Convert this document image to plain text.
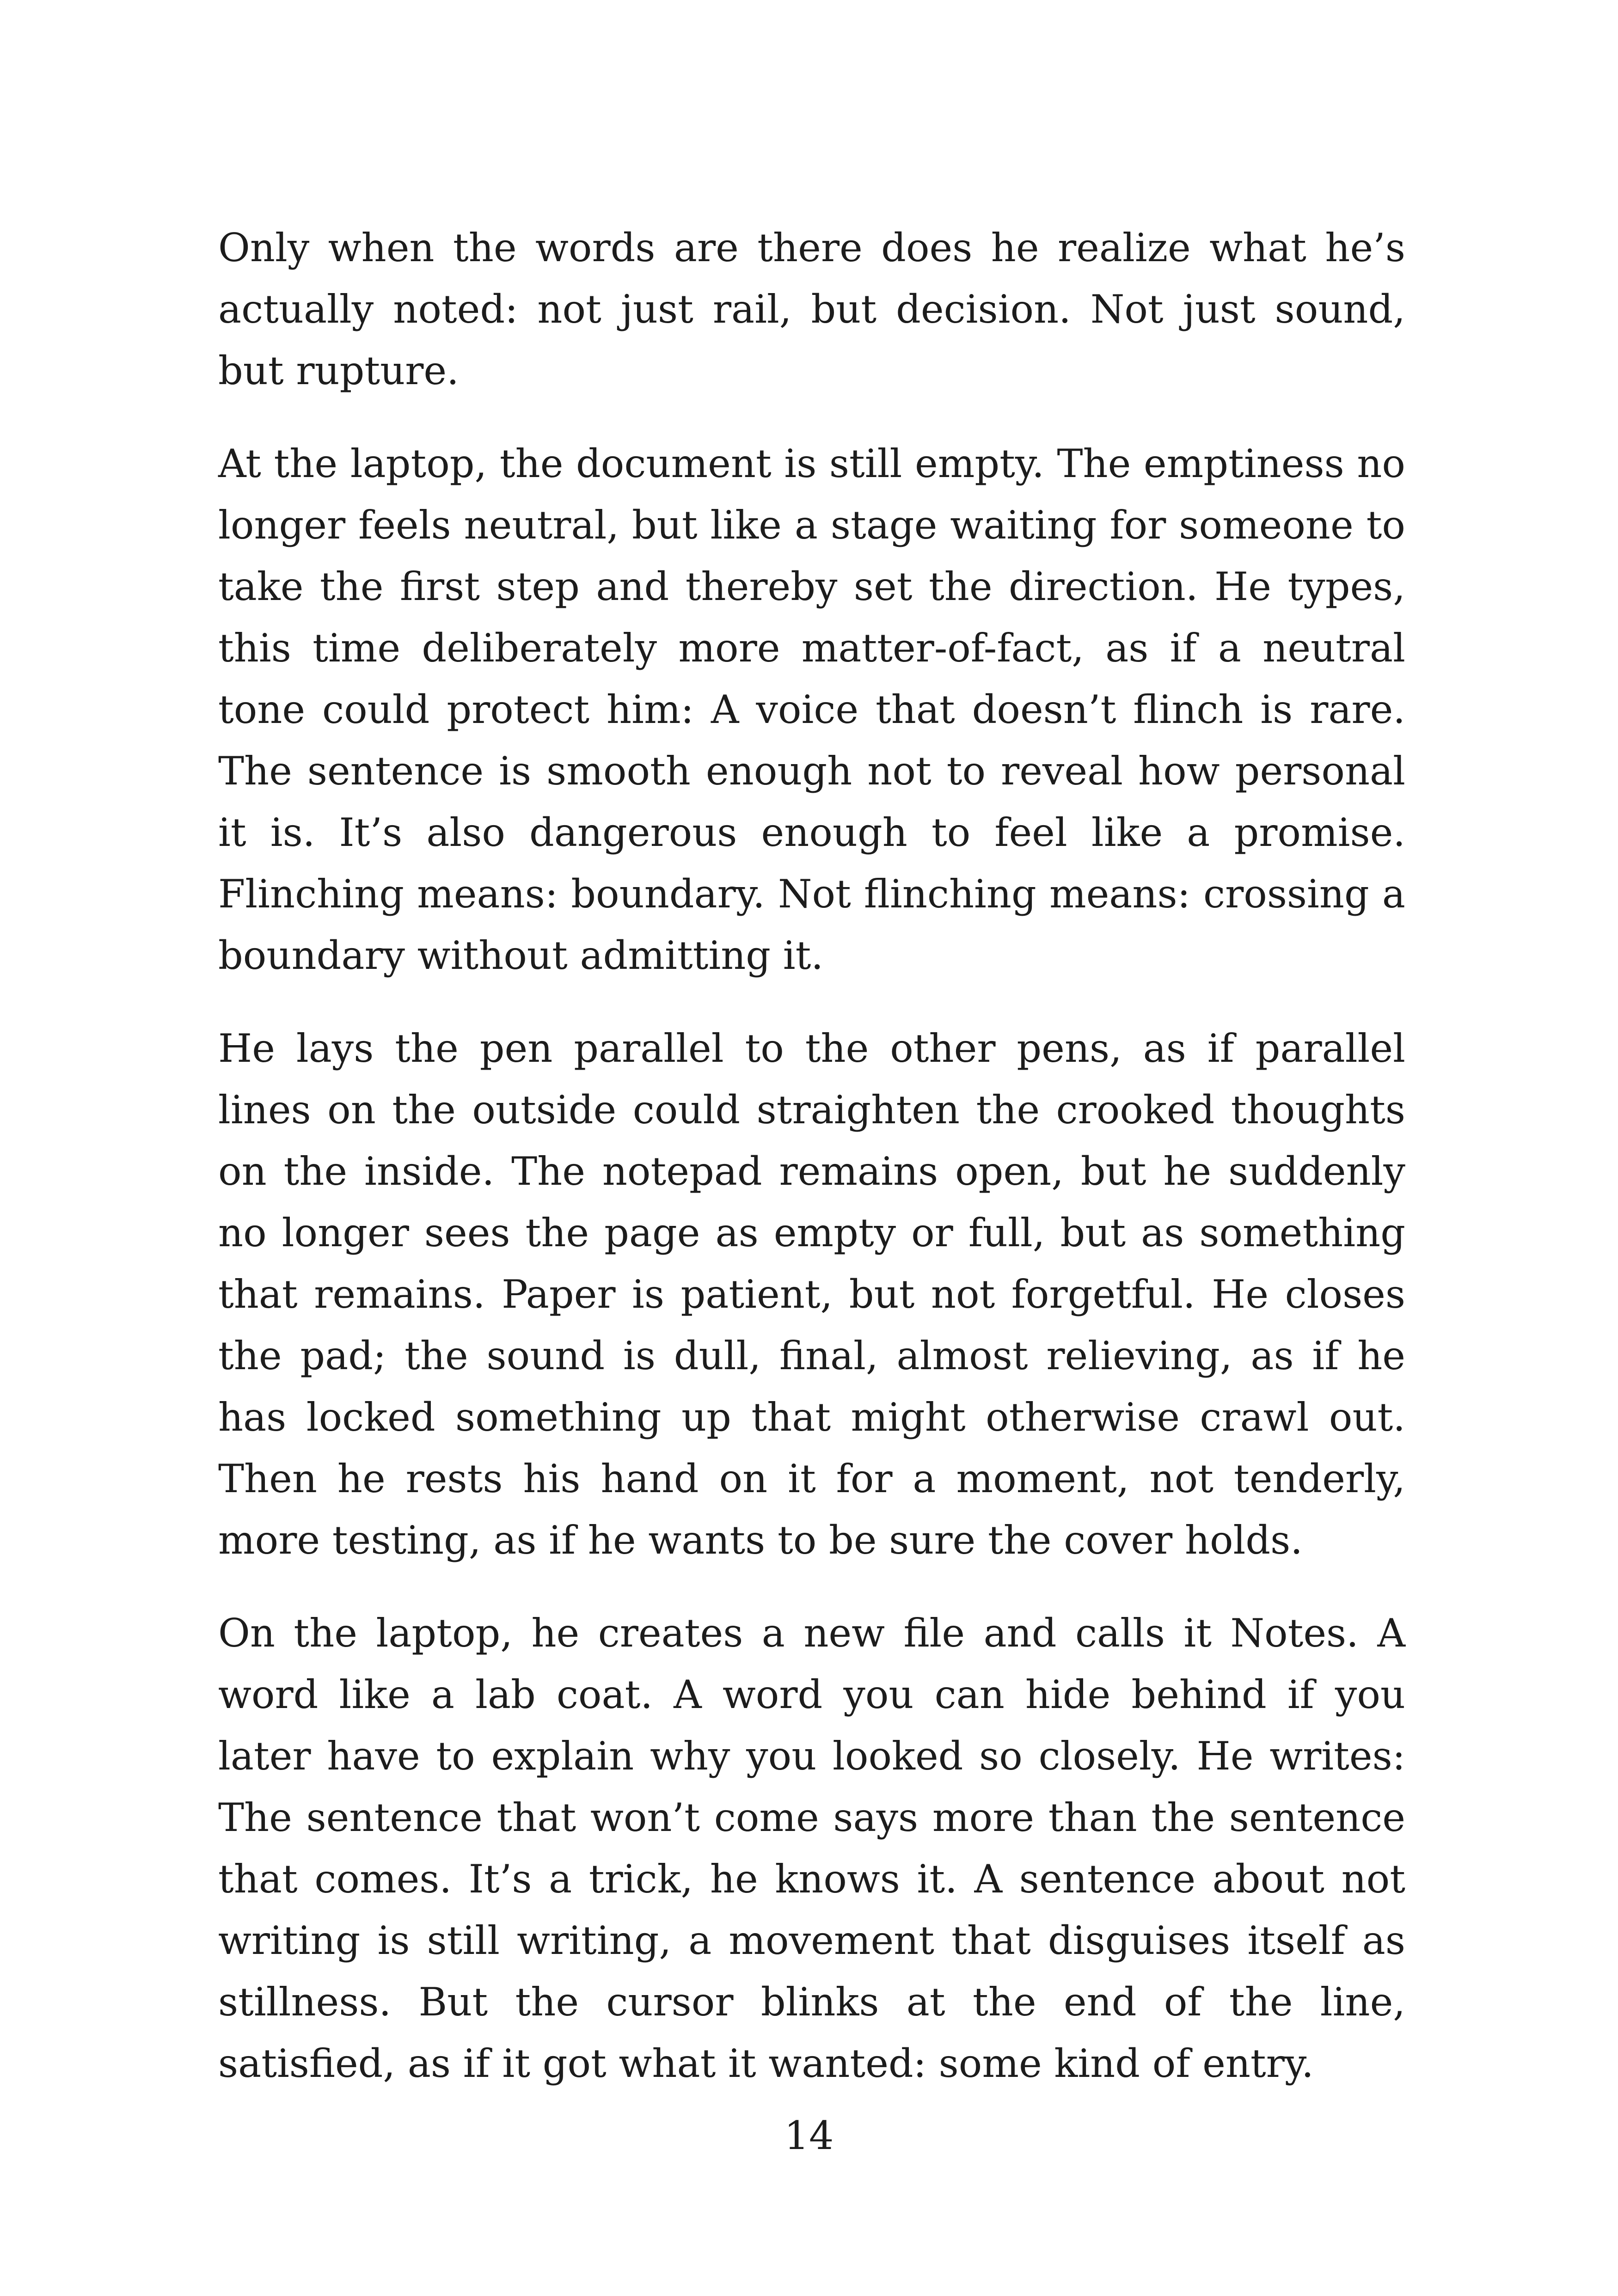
Only when the words are there does he realize what he’s actually noted: not just rail, but decision. Not just sound, but rupture.

At the laptop, the document is still empty. The emptiness no longer feels neutral, but like a stage waiting for someone to take the first step and thereby set the direction. He types, this time deliberately more matter-of-fact, as if a neutral tone could protect him: A voice that doesn’t flinch is rare. The sentence is smooth enough not to reveal how personal it is. It’s also dangerous enough to feel like a promise. Flinching means: boundary. Not flinching means: crossing a boundary without admitting it.

He lays the pen parallel to the other pens, as if parallel lines on the outside could straighten the crooked thoughts on the inside. The notepad remains open, but he suddenly no longer sees the page as empty or full, but as something that remains. Paper is patient, but not forgetful. He closes the pad; the sound is dull, final, almost relieving, as if he has locked something up that might otherwise crawl out. Then he rests his hand on it for a moment, not tenderly, more testing, as if he wants to be sure the cover holds.

On the laptop, he creates a new file and calls it Notes. A word like a lab coat. A word you can hide behind if you later have to explain why you looked so closely. He writes: The sentence that won’t come says more than the sentence that comes. It’s a trick, he knows it. A sentence about not writing is still writing, a movement that disguises itself as stillness. But the cursor blinks at the end of the line, satisfied, as if it got what it wanted: some kind of entry.

14
